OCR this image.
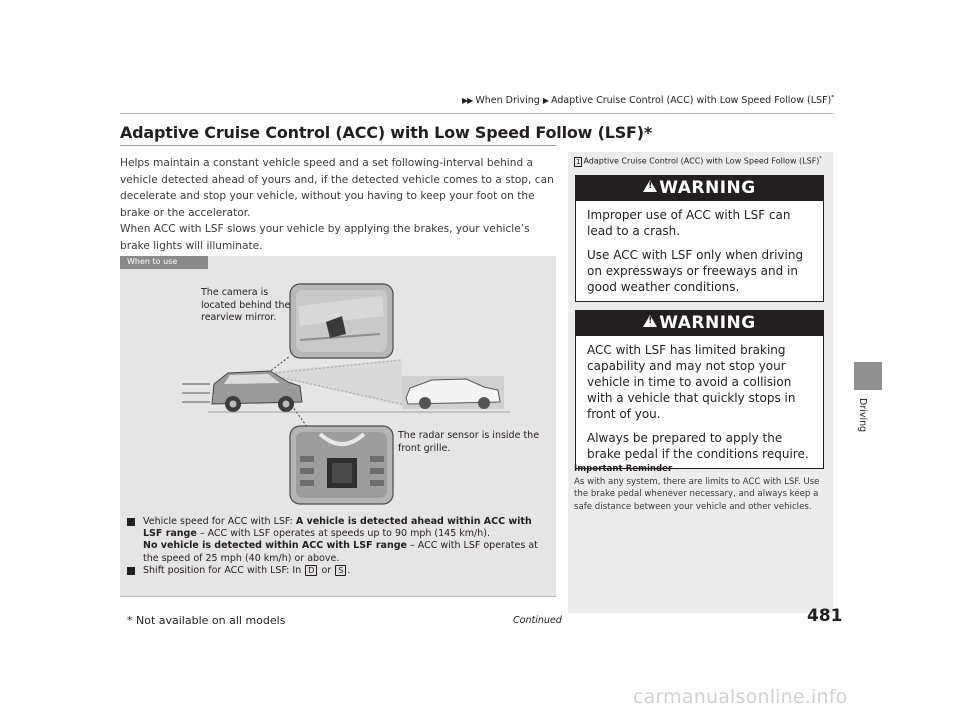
▶▶ When Driving ▶ Adaptive Cruise Control (ACC) with Low Speed Follow (LSF)*
Adaptive Cruise Control (ACC) with Low Speed Follow (LSF)*

Helps maintain a constant vehicle speed and a set following-interval behind a vehicle detected ahead of yours and, if the detected vehicle comes to a stop, can decelerate and stop your vehicle, without you having to keep your foot on the brake or the accelerator.

When ACC with LSF slows your vehicle by applying the brakes, your vehicle’s brake lights will illuminate.

When to use
The camera is located behind the rearview mirror.
The radar sensor is inside the front grille.
Vehicle speed for ACC with LSF: A vehicle is detected ahead within ACC with LSF range – ACC with LSF operates at speeds up to 90 mph (145 km/h).
No vehicle is detected within ACC with LSF range – ACC with LSF operates at the speed of 25 mph (40 km/h) or above.
Shift position for ACC with LSF: In D or S .
1 Adaptive Cruise Control (ACC) with Low Speed Follow (LSF)*
!WARNING

Improper use of ACC with LSF can lead to a crash.

Use ACC with LSF only when driving on expressways or freeways and in good weather conditions.

!WARNING

ACC with LSF has limited braking capability and may not stop your vehicle in time to avoid a collision with a vehicle that quickly stops in front of you.

Always be prepared to apply the brake pedal if the conditions require.

Important Reminder
As with any system, there are limits to ACC with LSF. Use the brake pedal whenever necessary, and always keep a safe distance between your vehicle and other vehicles.
Driving
* Not available on all models	Continued	481
carmanualsonline.info
